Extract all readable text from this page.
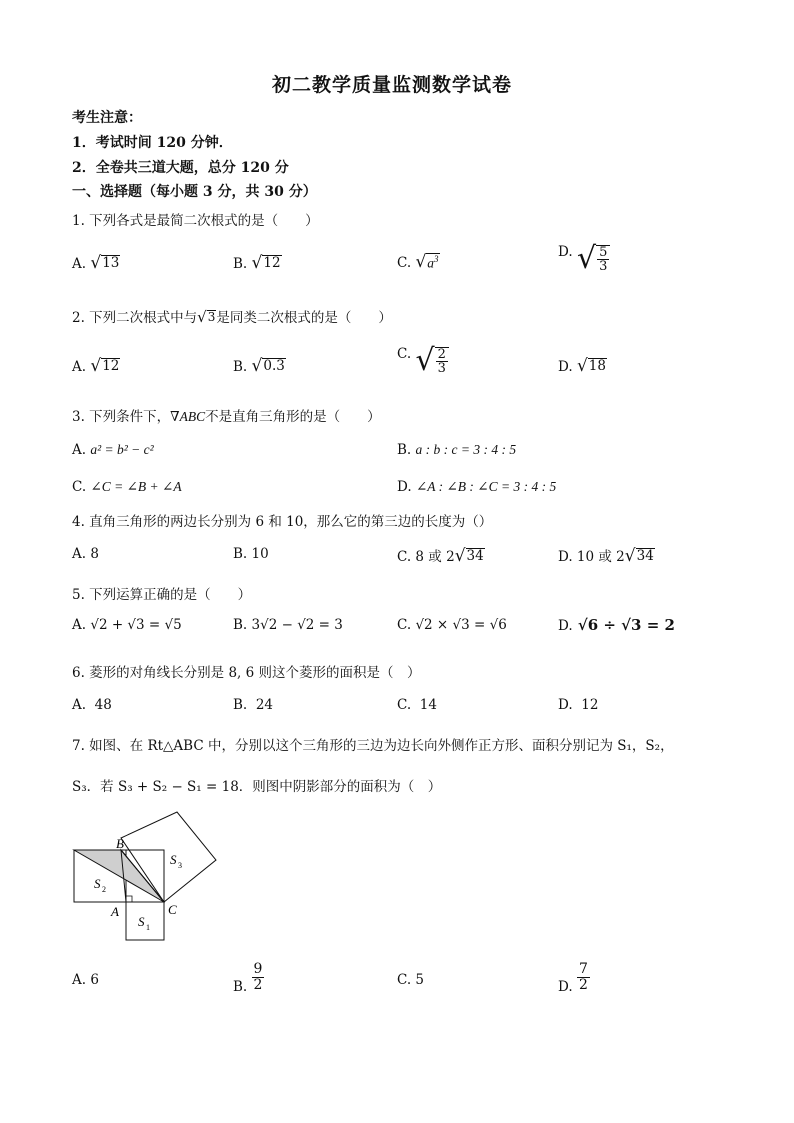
初二教学质量监测数学试卷
考生注意：
1．考试时间 120 分钟．
2．全卷共三道大题，总分 120 分
一、选择题（每小题 3 分，共 30 分）
1. 下列各式是最简二次根式的是（　　）
A. √ 13	B. √ 12	C. √ $a^3$	D. √ $\frac{5}{3}$
2. 下列二次根式中与 √ 3 是同类二次根式的是（　　）
A. √ 12	B. √ 0.3
C. √ $\frac{2}{3}$	D. √ 18
3. 下列条件下，∇ABC不是直角三角形的是（　　）
A. a² = b² − c²	B. a : b : c = 3 : 4 : 5
C. ∠C = ∠B + ∠A	D. ∠A : ∠B : ∠C = 3 : 4 : 5
4. 直角三角形的两边长分别为 6 和 10，那么它的第三边的长度为（）
A. 8	B. 10	C. 8 或 2 √ 34	D. 10 或 2 √ 34
5. 下列运算正确的是（　　）
A. √2 + √3 = √5	B. 3√2 − √2 = 3	C. √2 × √3 = √6	D. √6 ÷ √3 = 2
6. 菱形的对角线长分别是 8, 6 则这个菱形的面积是（　）
A. 48	B. 24	C. 14	D. 12
7. 如图、在 Rt△ABC 中，分别以这个三角形的三边为边长向外侧作正方形、面积分别记为 S₁，S₂，
S₃．若 S₃ + S₂ − S₁ = 18．则图中阴影部分的面积为（　）
B
A	C
S 2
S 1
S 3
A. 6	B. $\frac{9}{2}$	C. 5	D. $\frac{7}{2}$
